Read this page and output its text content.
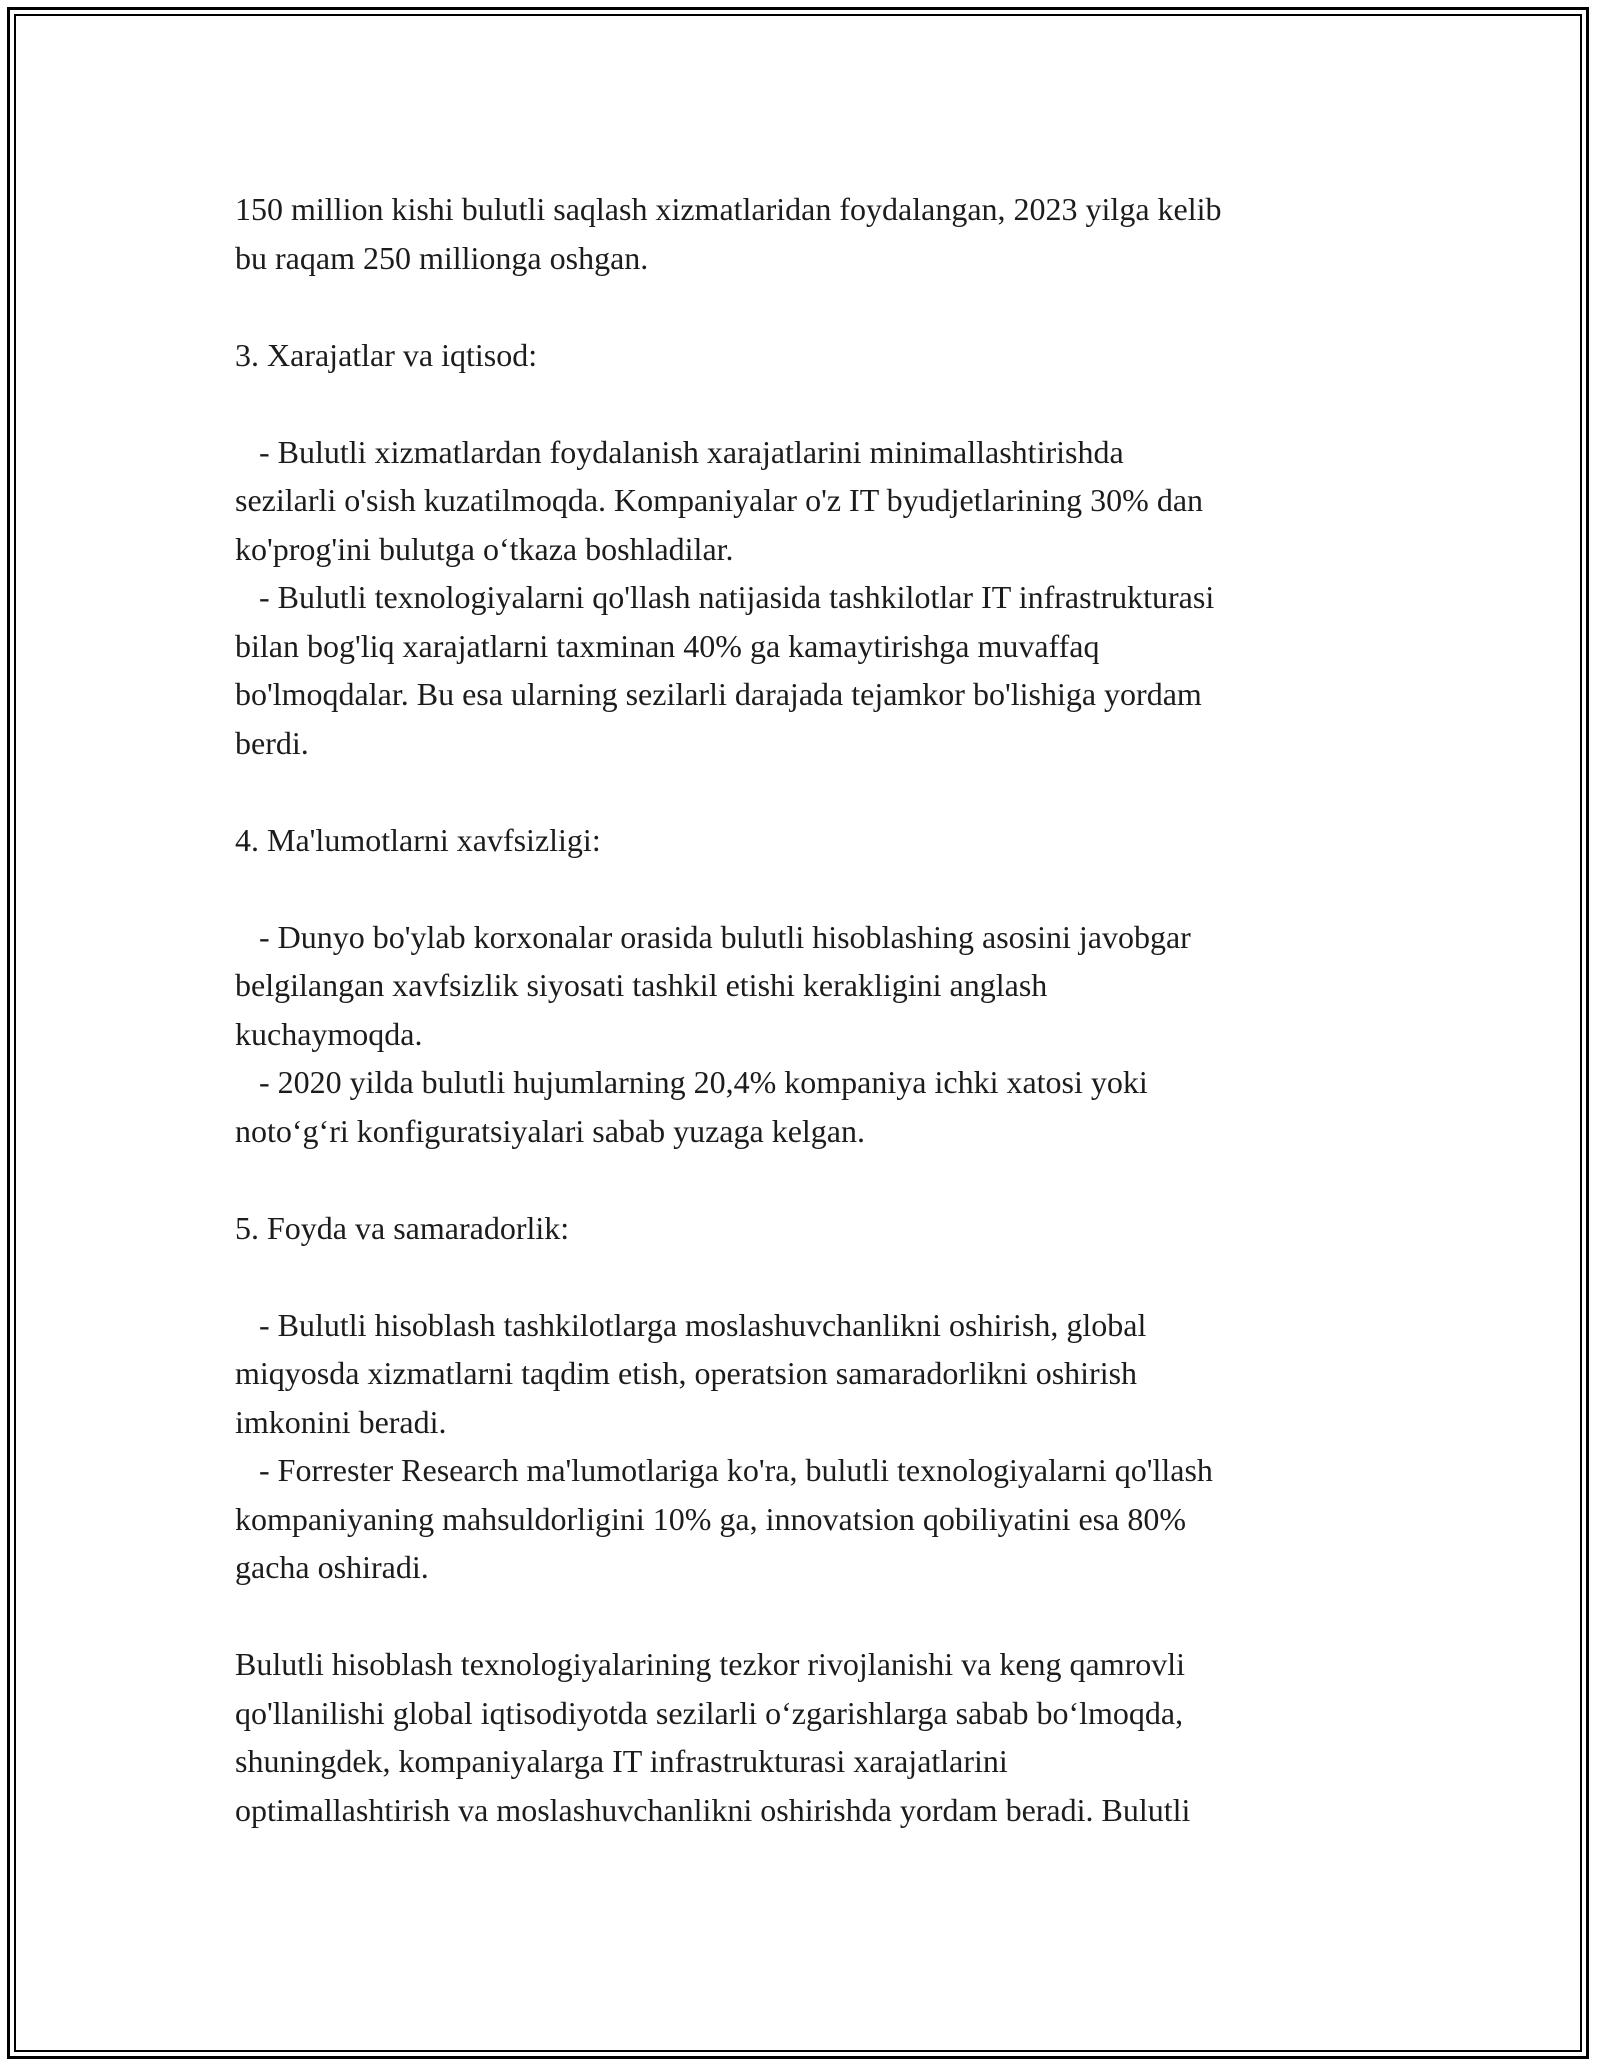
150 million kishi bulutli saqlash xizmatlaridan foydalangan, 2023 yilga kelib
bu raqam 250 millionga oshgan.
3. Xarajatlar va iqtisod:
- Bulutli xizmatlardan foydalanish xarajatlarini minimallashtirishda
sezilarli o'sish kuzatilmoqda. Kompaniyalar o'z IT byudjetlarining 30% dan
ko'prog'ini bulutga o‘tkaza boshladilar.
- Bulutli texnologiyalarni qo'llash natijasida tashkilotlar IT infrastrukturasi
bilan bog'liq xarajatlarni taxminan 40% ga kamaytirishga muvaffaq
bo'lmoqdalar. Bu esa ularning sezilarli darajada tejamkor bo'lishiga yordam
berdi.
4. Ma'lumotlarni xavfsizligi:
- Dunyo bo'ylab korxonalar orasida bulutli hisoblashing asosini javobgar
belgilangan xavfsizlik siyosati tashkil etishi kerakligini anglash
kuchaymoqda.
- 2020 yilda bulutli hujumlarning 20,4% kompaniya ichki xatosi yoki
noto‘g‘ri konfiguratsiyalari sabab yuzaga kelgan.
5. Foyda va samaradorlik:
- Bulutli hisoblash tashkilotlarga moslashuvchanlikni oshirish, global
miqyosda xizmatlarni taqdim etish, operatsion samaradorlikni oshirish
imkonini beradi.
- Forrester Research ma'lumotlariga ko'ra, bulutli texnologiyalarni qo'llash
kompaniyaning mahsuldorligini 10% ga, innovatsion qobiliyatini esa 80%
gacha oshiradi.
Bulutli hisoblash texnologiyalarining tezkor rivojlanishi va keng qamrovli
qo'llanilishi global iqtisodiyotda sezilarli o‘zgarishlarga sabab bo‘lmoqda,
shuningdek, kompaniyalarga IT infrastrukturasi xarajatlarini
optimallashtirish va moslashuvchanlikni oshirishda yordam beradi. Bulutli
